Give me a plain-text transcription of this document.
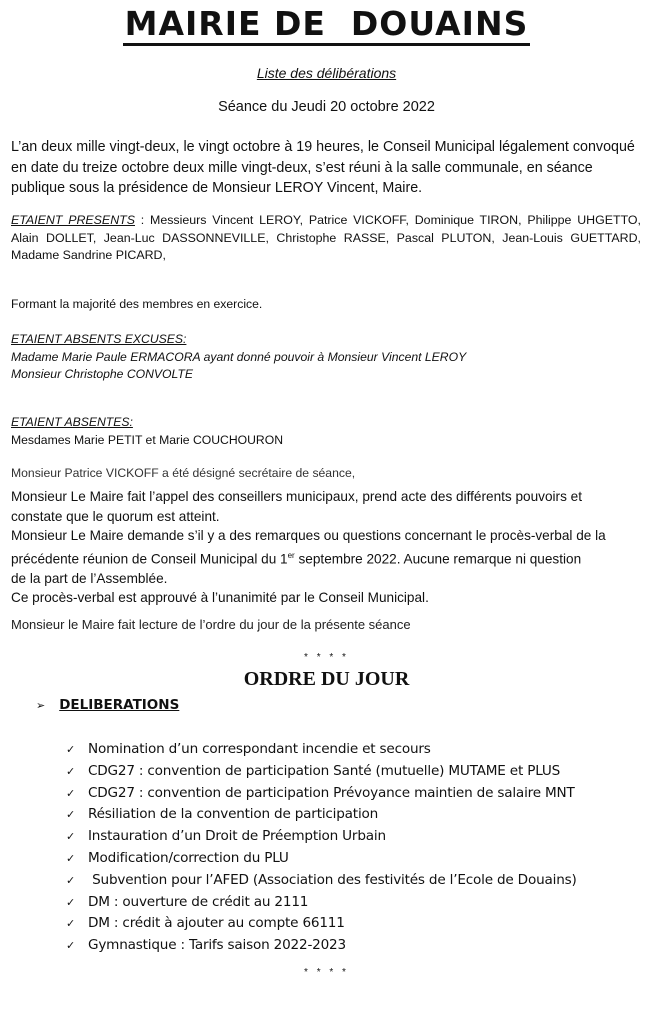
MAIRIE DE  DOUAINS
Liste des délibérations
Séance du Jeudi 20 octobre 2022
L’an deux mille vingt-deux, le vingt octobre à 19 heures, le Conseil Municipal légalement convoqué en date du treize octobre deux mille vingt-deux, s’est réuni à la salle communale, en séance publique sous la présidence de Monsieur LEROY Vincent, Maire.
ETAIENT PRESENTS : Messieurs Vincent LEROY, Patrice VICKOFF, Dominique TIRON, Philippe UHGETTO, Alain DOLLET, Jean-Luc DASSONNEVILLE, Christophe RASSE, Pascal PLUTON, Jean-Louis GUETTARD, Madame Sandrine PICARD,
Formant la majorité des membres en exercice.
ETAIENT ABSENTS EXCUSES:
Madame Marie Paule ERMACORA ayant donné pouvoir à Monsieur Vincent LEROY
Monsieur Christophe CONVOLTE
ETAIENT ABSENTES:
Mesdames Marie PETIT et Marie COUCHOURON
Monsieur Patrice VICKOFF a été désigné secrétaire de séance,
Monsieur Le Maire fait l’appel des conseillers municipaux, prend acte des différents pouvoirs et
constate que le quorum est atteint.
Monsieur Le Maire demande s’il y a des remarques ou questions concernant le procès-verbal de la
précédente réunion de Conseil Municipal du 1er septembre 2022. Aucune remarque ni question
de la part de l’Assemblée.
Ce procès-verbal est approuvé à l’unanimité par le Conseil Municipal.
Monsieur le Maire fait lecture de l’ordre du jour de la présente séance
* * * *
ORDRE DU JOUR
➢ DELIBERATIONS
✓ Nomination d’un correspondant incendie et secours
✓ CDG27 : convention de participation Santé (mutuelle) MUTAME et PLUS
✓ CDG27 : convention de participation Prévoyance maintien de salaire MNT
✓ Résiliation de la convention de participation
✓ Instauration d’un Droit de Préemption Urbain
✓ Modification/correction du PLU
✓ Subvention pour l’AFED (Association des festivités de l’Ecole de Douains)
✓ DM : ouverture de crédit au 2111
✓ DM : crédit à ajouter au compte 66111
✓ Gymnastique : Tarifs saison 2022-2023
* * * *
